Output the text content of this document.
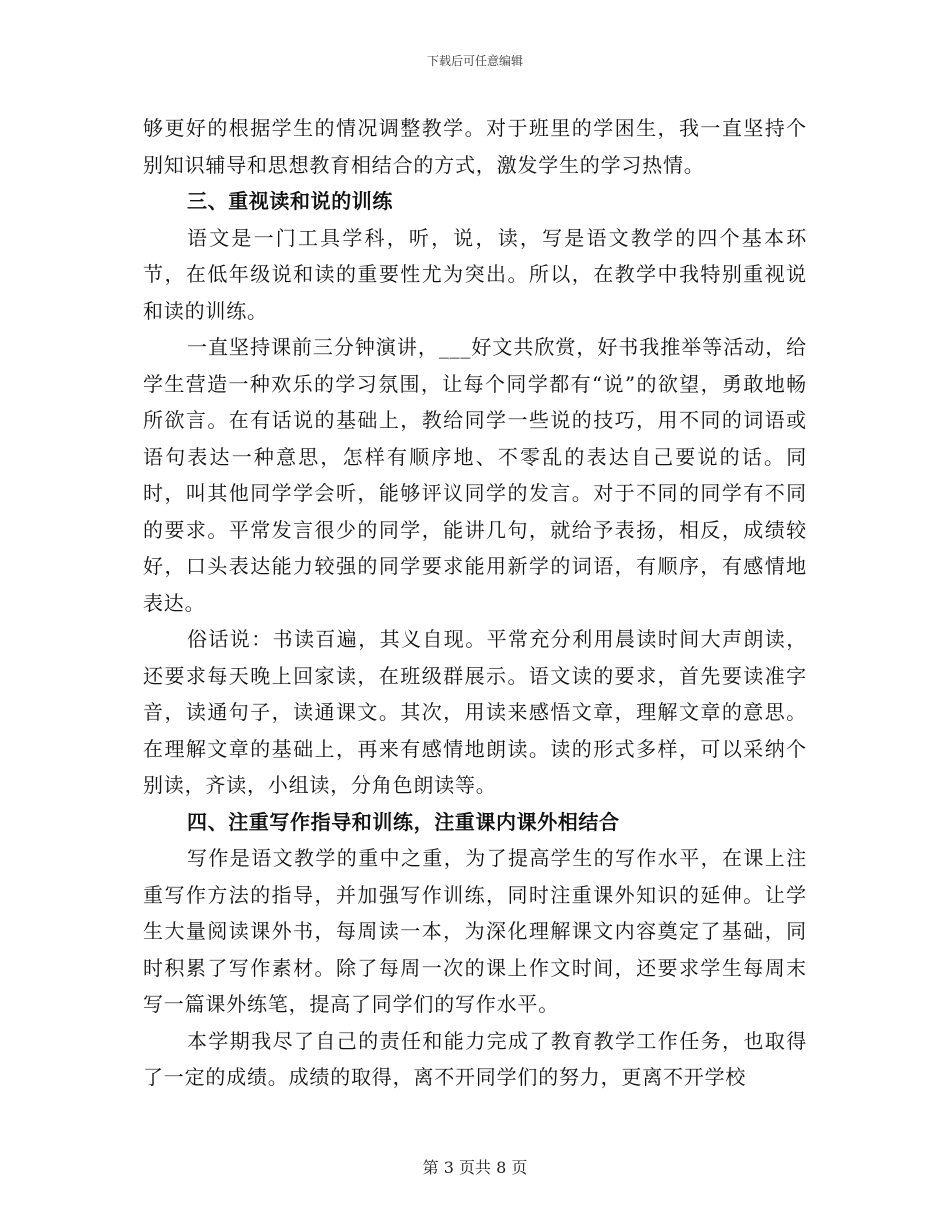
下载后可任意编辑

够更好的根据学生的情况调整教学。对于班里的学困生，我一直坚持个别知识辅导和思想教育相结合的方式，激发学生的学习热情。

三、重视读和说的训练

语文是一门工具学科，听，说，读，写是语文教学的四个基本环节，在低年级说和读的重要性尤为突出。所以，在教学中我特别重视说和读的训练。

一直坚持课前三分钟演讲，___好文共欣赏，好书我推举等活动，给学生营造一种欢乐的学习氛围，让每个同学都有“说”的欲望，勇敢地畅所欲言。在有话说的基础上，教给同学一些说的技巧，用不同的词语或语句表达一种意思，怎样有顺序地、不零乱的表达自己要说的话。同时，叫其他同学学会听，能够评议同学的发言。对于不同的同学有不同的要求。平常发言很少的同学，能讲几句，就给予表扬，相反，成绩较好，口头表达能力较强的同学要求能用新学的词语，有顺序，有感情地表达。

俗话说：书读百遍，其义自现。平常充分利用晨读时间大声朗读，还要求每天晚上回家读，在班级群展示。语文读的要求，首先要读准字音，读通句子，读通课文。其次，用读来感悟文章，理解文章的意思。在理解文章的基础上，再来有感情地朗读。读的形式多样，可以采纳个别读，齐读，小组读，分角色朗读等。

四、注重写作指导和训练，注重课内课外相结合

写作是语文教学的重中之重，为了提高学生的写作水平，在课上注重写作方法的指导，并加强写作训练，同时注重课外知识的延伸。让学生大量阅读课外书，每周读一本，为深化理解课文内容奠定了基础，同时积累了写作素材。除了每周一次的课上作文时间，还要求学生每周末写一篇课外练笔，提高了同学们的写作水平。

本学期我尽了自己的责任和能力完成了教育教学工作任务，也取得了一定的成绩。成绩的取得，离不开同学们的努力，更离不开学校

第 3 页共 8 页
